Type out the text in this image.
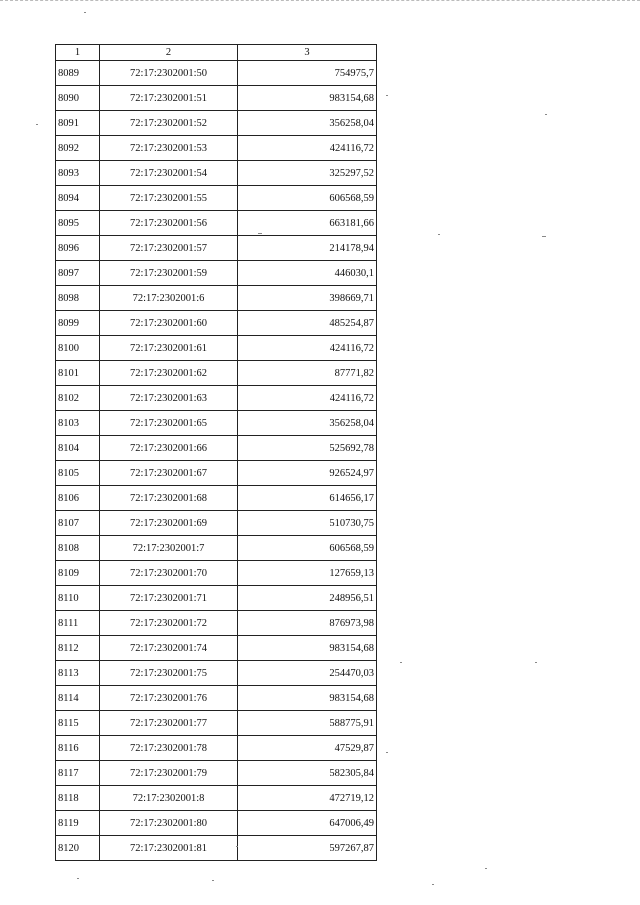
1	2	3
8089	72:17:2302001:50	754975,7
8090	72:17:2302001:51	983154,68
8091	72:17:2302001:52	356258,04
8092	72:17:2302001:53	424116,72
8093	72:17:2302001:54	325297,52
8094	72:17:2302001:55	606568,59
8095	72:17:2302001:56	663181,66
8096	72:17:2302001:57	214178,94
8097	72:17:2302001:59	446030,1
8098	72:17:2302001:6	398669,71
8099	72:17:2302001:60	485254,87
8100	72:17:2302001:61	424116,72
8101	72:17:2302001:62	87771,82
8102	72:17:2302001:63	424116,72
8103	72:17:2302001:65	356258,04
8104	72:17:2302001:66	525692,78
8105	72:17:2302001:67	926524,97
8106	72:17:2302001:68	614656,17
8107	72:17:2302001:69	510730,75
8108	72:17:2302001:7	606568,59
8109	72:17:2302001:70	127659,13
8110	72:17:2302001:71	248956,51
8111	72:17:2302001:72	876973,98
8112	72:17:2302001:74	983154,68
8113	72:17:2302001:75	254470,03
8114	72:17:2302001:76	983154,68
8115	72:17:2302001:77	588775,91
8116	72:17:2302001:78	47529,87
8117	72:17:2302001:79	582305,84
8118	72:17:2302001:8	472719,12
8119	72:17:2302001:80	647006,49
8120	72:17:2302001:81	597267,87
